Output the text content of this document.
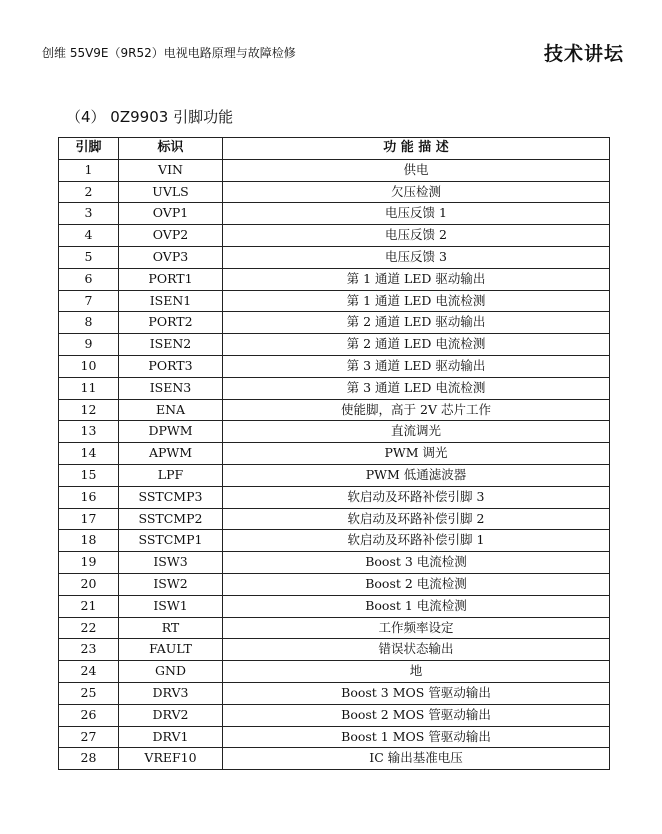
创维 55V9E（9R52）电视电路原理与故障检修	技术讲坛
（4） 0Z9903 引脚功能
引脚	标识	功 能 描 述
1	VIN	供电
2	UVLS	欠压检测
3	OVP1	电压反馈 1
4	OVP2	电压反馈 2
5	OVP3	电压反馈 3
6	PORT1	第 1 通道 LED 驱动输出
7	ISEN1	第 1 通道 LED 电流检测
8	PORT2	第 2 通道 LED 驱动输出
9	ISEN2	第 2 通道 LED 电流检测
10	PORT3	第 3 通道 LED 驱动输出
11	ISEN3	第 3 通道 LED 电流检测
12	ENA	使能脚，高于 2V 芯片工作
13	DPWM	直流调光
14	APWM	PWM 调光
15	LPF	PWM 低通滤波器
16	SSTCMP3	软启动及环路补偿引脚 3
17	SSTCMP2	软启动及环路补偿引脚 2
18	SSTCMP1	软启动及环路补偿引脚 1
19	ISW3	Boost 3 电流检测
20	ISW2	Boost 2 电流检测
21	ISW1	Boost 1 电流检测
22	RT	工作频率设定
23	FAULT	错误状态输出
24	GND	地
25	DRV3	Boost 3 MOS 管驱动输出
26	DRV2	Boost 2 MOS 管驱动输出
27	DRV1	Boost 1 MOS 管驱动输出
28	VREF10	IC 输出基准电压
